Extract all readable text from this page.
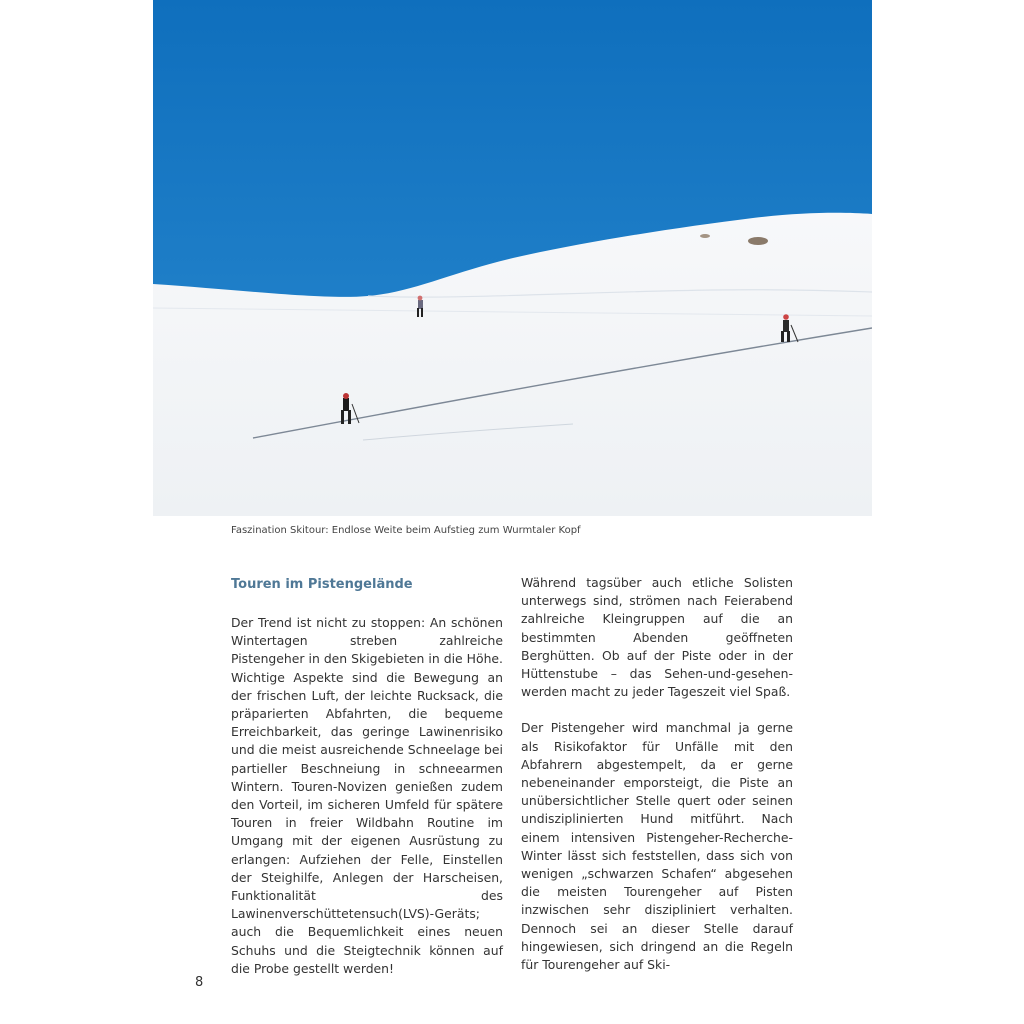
Faszination Skitour: Endlose Weite beim Aufstieg zum Wurmtaler Kopf
Touren im Pistengelände

Der Trend ist nicht zu stoppen: An schönen Wintertagen streben zahlreiche Pistengeher in den Skigebieten in die Höhe. Wichtige Aspekte sind die Bewegung an der frischen Luft, der leichte Rucksack, die präparierten Abfahrten, die bequeme Erreichbarkeit, das geringe Lawinenrisiko und die meist ausreichende Schneelage bei partieller Beschneiung in schneearmen Wintern. Touren-Novizen genießen zudem den Vorteil, im sicheren Umfeld für spätere Touren in freier Wildbahn Routine im Umgang mit der eigenen Ausrüstung zu erlangen: Aufziehen der Felle, Einstellen der Steighilfe, Anlegen der Harscheisen, Funktionalität des Lawinenverschüttetensuch(LVS)-Geräts; auch die Bequemlichkeit eines neuen Schuhs und die Steigtechnik können auf die Probe gestellt werden!

Während tagsüber auch etliche Solisten unterwegs sind, strömen nach Feierabend zahlreiche Kleingruppen auf die an bestimmten Abenden geöffneten Berghütten. Ob auf der Piste oder in der Hüttenstube – das Sehen-und-gesehen-werden macht zu jeder Tageszeit viel Spaß.

Der Pistengeher wird manchmal ja gerne als Risikofaktor für Unfälle mit den Abfahrern abgestempelt, da er gerne nebeneinander emporsteigt, die Piste an unübersichtlicher Stelle quert oder seinen undisziplinierten Hund mitführt. Nach einem intensiven Pistengeher-Recherche-Winter lässt sich feststellen, dass sich von wenigen „schwarzen Schafen“ abgesehen die meisten Tourengeher auf Pisten inzwischen sehr diszipliniert verhalten. Dennoch sei an dieser Stelle darauf hingewiesen, sich dringend an die Regeln für Tourengeher auf Ski-

8
